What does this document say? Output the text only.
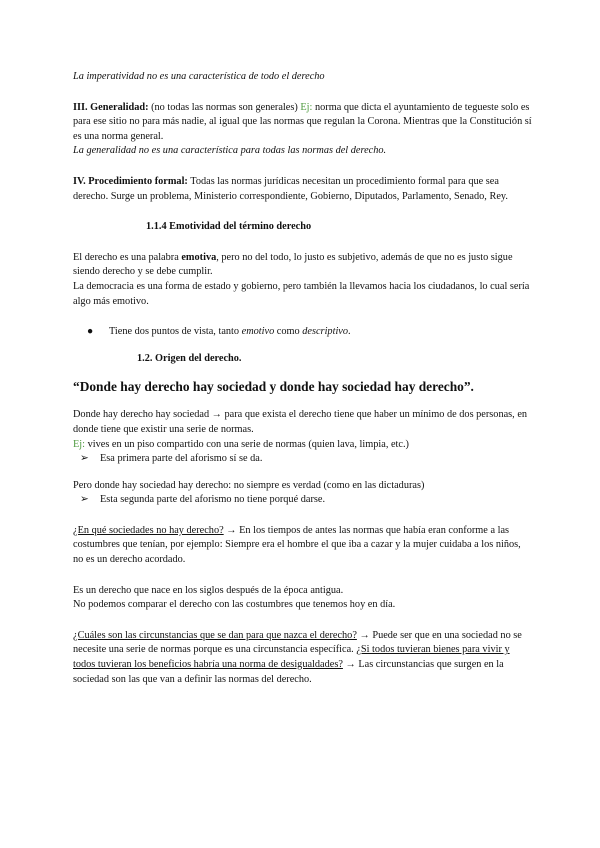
La imperatividad no es una característica de todo el derecho

III. Generalidad: (no todas las normas son generales) Ej: norma que dicta el ayuntamiento de tegueste solo es para ese sitio no para más nadie, al igual que las normas que regulan la Corona. Mientras que la Constitución sí es una norma general.

La generalidad no es una característica para todas las normas del derecho.

IV. Procedimiento formal: Todas las normas jurídicas necesitan un procedimiento formal para que sea derecho. Surge un problema, Ministerio correspondiente, Gobierno, Diputados, Parlamento, Senado, Rey.

1.1.4 Emotividad del término derecho

El derecho es una palabra emotiva, pero no del todo, lo justo es subjetivo, además de que no es justo sigue siendo derecho y se debe cumplir.

La democracia es una forma de estado y gobierno, pero también la llevamos hacia los ciudadanos, lo cual sería algo más emotivo.

● Tiene dos puntos de vista, tanto emotivo como descriptivo.

1.2. Origen del derecho.

“Donde hay derecho hay sociedad y donde hay sociedad hay derecho”.

Donde hay derecho hay sociedad → para que exista el derecho tiene que haber un mínimo de dos personas, en donde tiene que existir una serie de normas.

Ej: vives en un piso compartido con una serie de normas (quien lava, limpia, etc.)

➢ Esa primera parte del aforismo sí se da.

Pero donde hay sociedad hay derecho: no siempre es verdad (como en las dictaduras)

➢ Esta segunda parte del aforismo no tiene porqué darse.

¿En qué sociedades no hay derecho? → En los tiempos de antes las normas que había eran conforme a las costumbres que tenían, por ejemplo: Siempre era el hombre el que iba a cazar y la mujer cuidaba a los niños, no es un derecho acordado.

Es un derecho que nace en los siglos después de la época antigua.

No podemos comparar el derecho con las costumbres que tenemos hoy en día.

¿Cuáles son las circunstancias que se dan para que nazca el derecho? → Puede ser que en una sociedad no se necesite una serie de normas porque es una circunstancia específica. ¿Si todos tuvieran bienes para vivir y todos tuvieran los beneficios habría una norma de desigualdades? → Las circunstancias que surgen en la sociedad son las que van a definir las normas del derecho.
